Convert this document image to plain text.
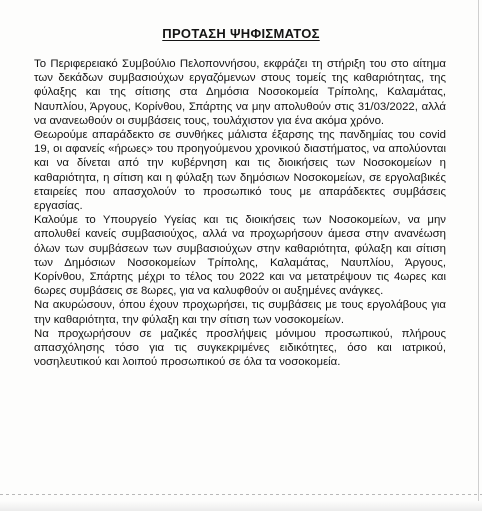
ΠΡΟΤΑΣΗ ΨΗΦΙΣΜΑΤΟΣ

Το Περιφερειακό Συμβούλιο Πελοποννήσου, εκφράζει τη στήριξη του στο αίτημα των δεκάδων συμβασιούχων εργαζόμενων στους τομείς της καθαριότητας, της φύλαξης και της σίτισης στα Δημόσια Νοσοκομεία Τρίπολης, Καλαμάτας, Ναυπλίου, Άργους, Κορίνθου, Σπάρτης να μην απολυθούν στις 31/03/2022, αλλά να ανανεωθούν οι συμβάσεις τους, τουλάχιστον για ένα ακόμα χρόνο.

Θεωρούμε απαράδεκτο σε συνθήκες μάλιστα έξαρσης της πανδημίας του covid 19, οι αφανείς «ήρωες» του προηγούμενου χρονικού διαστήματος, να απολύονται και να δίνεται από την κυβέρνηση και τις διοικήσεις των Νοσοκομείων η καθαριότητα, η σίτιση και η φύλαξη των δημόσιων Νοσοκομείων, σε εργολαβικές εταιρείες που απασχολούν το προσωπικό τους με απαράδεκτες συμβάσεις εργασίας.

Καλούμε το Υπουργείο Υγείας και τις διοικήσεις των Νοσοκομείων, να μην απολυθεί κανείς συμβασιούχος, αλλά να προχωρήσουν άμεσα στην ανανέωση όλων των συμβάσεων των συμβασιούχων στην καθαριότητα, φύλαξη και σίτιση των Δημόσιων Νοσοκομείων Τρίπολης, Καλαμάτας, Ναυπλίου, Άργους, Κορίνθου, Σπάρτης μέχρι το τέλος του 2022 και να μετατρέψουν τις 4ωρες και 6ωρες συμβάσεις σε 8ωρες, για να καλυφθούν οι αυξημένες ανάγκες.

Να ακυρώσουν, όπου έχουν προχωρήσει, τις συμβάσεις με τους εργολάβους για την καθαριότητα, την φύλαξη και την σίτιση των νοσοκομείων.

Να προχωρήσουν σε μαζικές προσλήψεις μόνιμου προσωπικού, πλήρους απασχόλησης τόσο για τις συγκεκριμένες ειδικότητες, όσο και ιατρικού, νοσηλευτικού και λοιπού προσωπικού σε όλα τα νοσοκομεία.
